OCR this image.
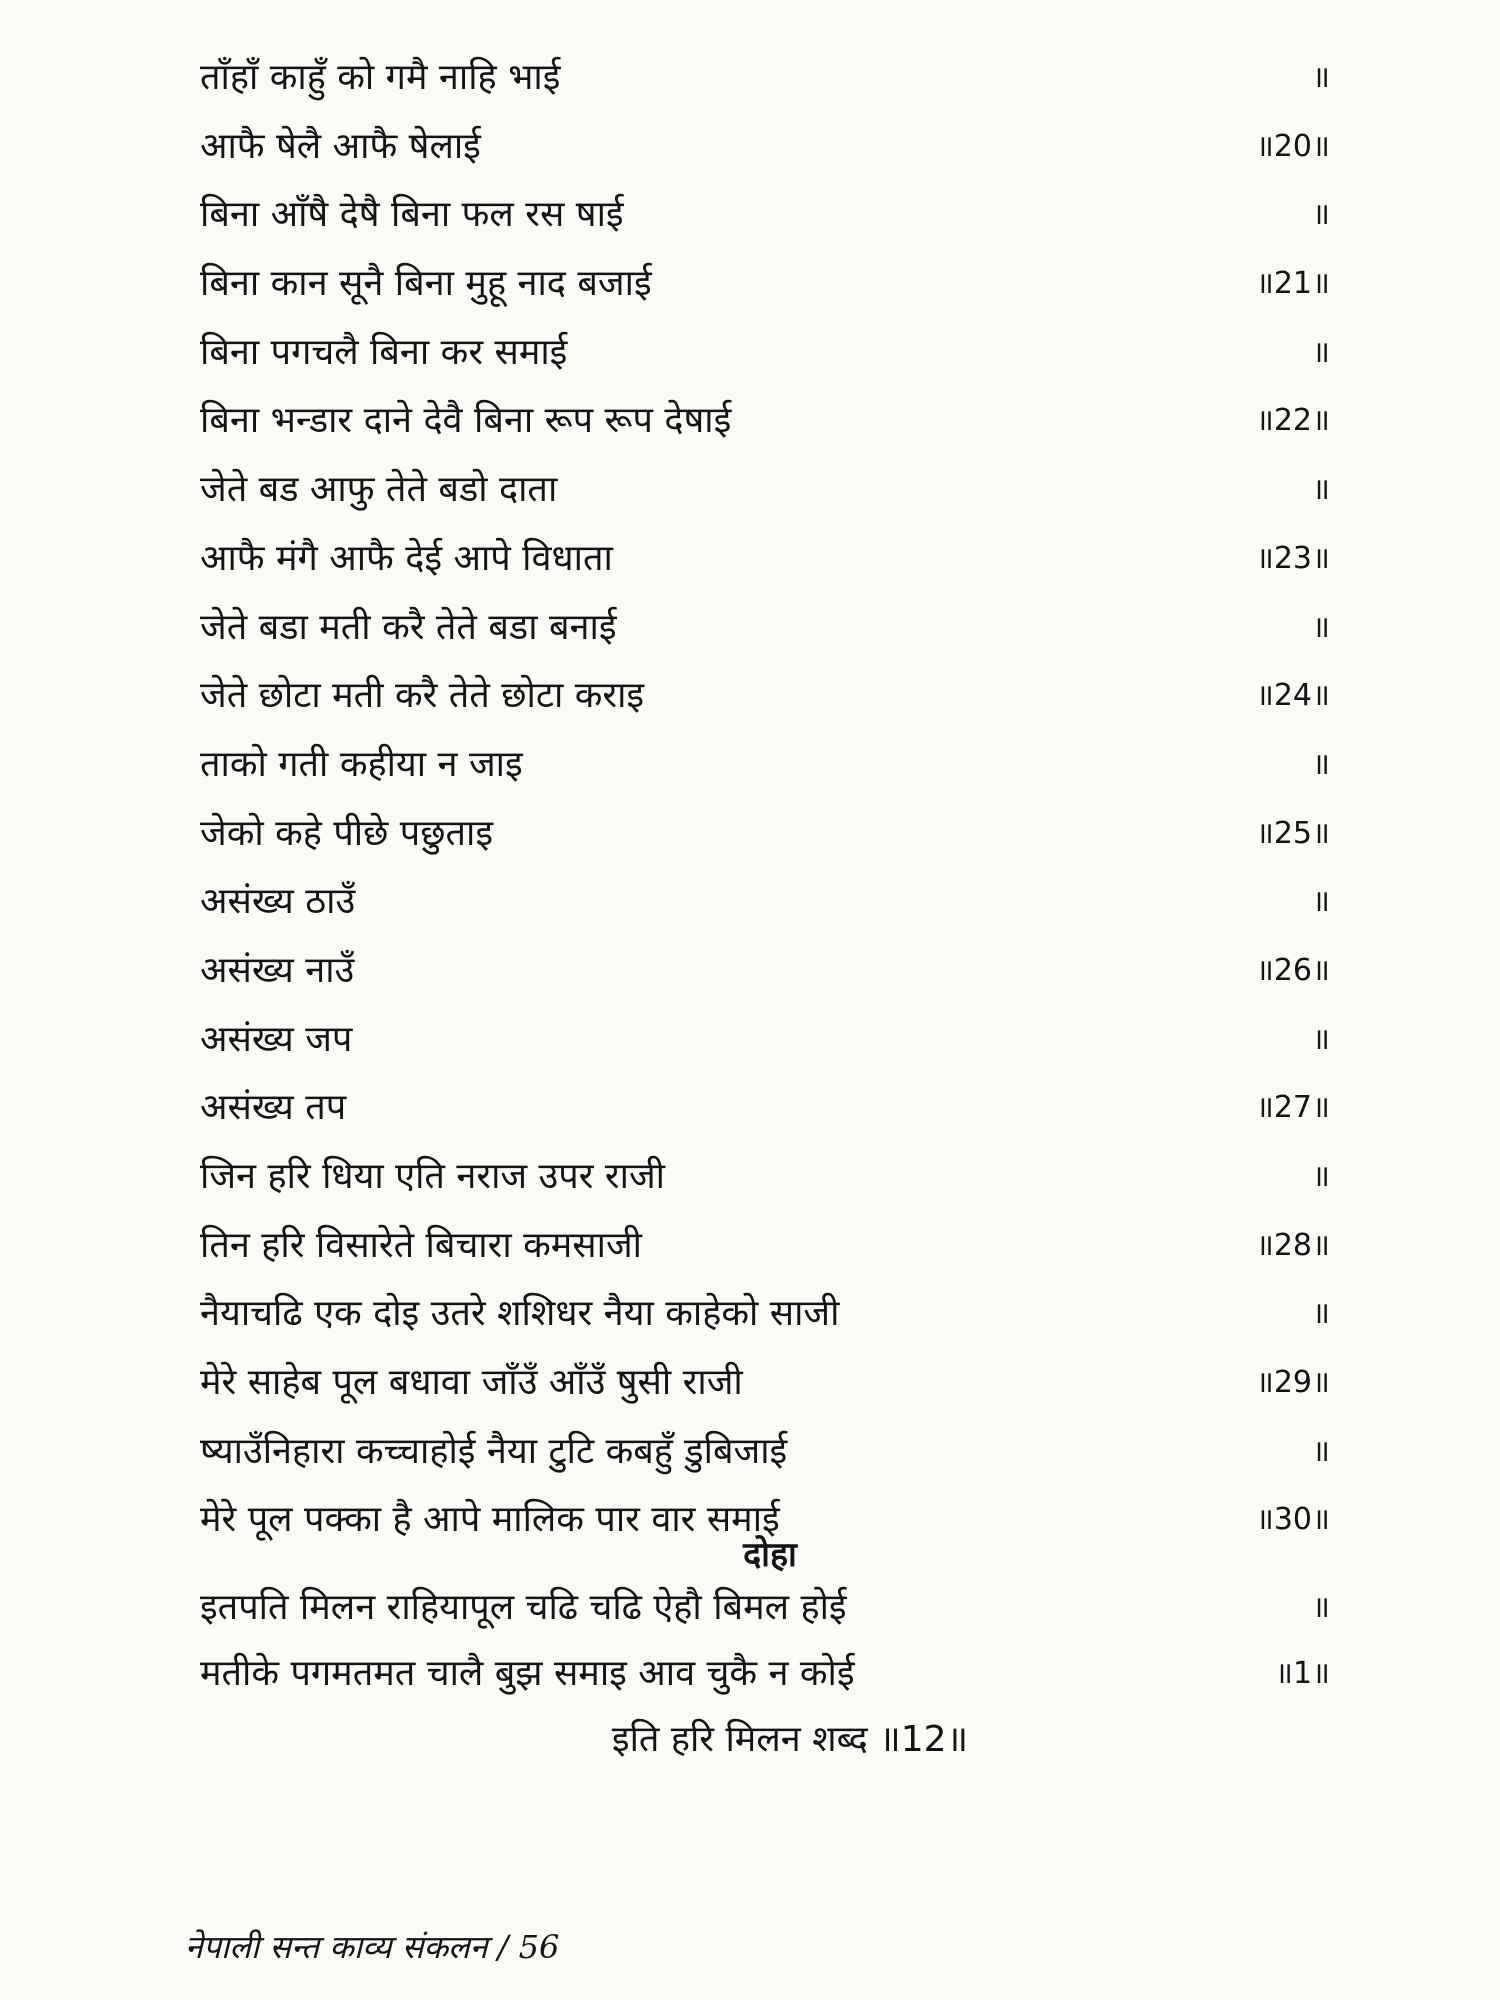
ताँहाँ काहुँ को गमै नाहि भाई	॥
आफै षेलै आफै षेलाई	॥20॥
बिना आँषै देषै बिना फल रस षाई	॥
बिना कान सूनै बिना मुहू नाद बजाई	॥21॥
बिना पगचलै बिना कर समाई	॥
बिना भन्डार दाने देवै बिना रूप रूप देषाई	॥22॥
जेते बड आफु तेते बडो दाता	॥
आफै मंगै आफै देई आपे विधाता	॥23॥
जेते बडा मती करै तेते बडा बनाई	॥
जेते छोटा मती करै तेते छोटा कराइ	॥24॥
ताको गती कहीया न जाइ	॥
जेको कहे पीछे पछुताइ	॥25॥
असंख्य ठाउँ	॥
असंख्य नाउँ	॥26॥
असंख्य जप	॥
असंख्य तप	॥27॥
जिन हरि धिया एति नराज उपर राजी	॥
तिन हरि विसारेते बिचारा कमसाजी	॥28॥
नैयाचढि एक दोइ उतरे शशिधर नैया काहेको साजी	॥
मेरे साहेब पूल बधावा जाँउँ आँउँ षुसी राजी	॥29॥
ष्याउँनिहारा कच्चाहोई नैया टुटि कबहुँ डुबिजाई	॥
मेरे पूल पक्का है आपे मालिक पार वार समाई	॥30॥
दोहा
इतपति मिलन राहियापूल चढि चढि ऐहौ बिमल होई	॥
मतीके पगमतमत चालै बुझ समाइ आव चुकै न कोई	॥1॥
इति हरि मिलन शब्द ॥12॥
नेपाली सन्त काव्य संकलन / 56
